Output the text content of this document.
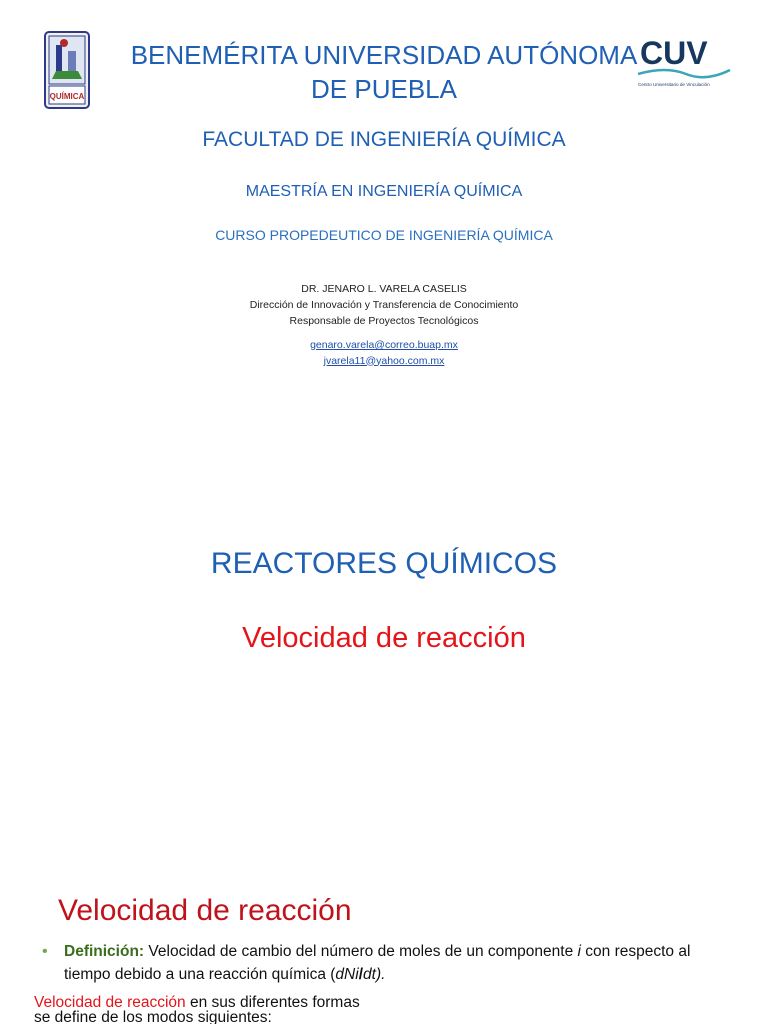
QUÍMICA
BENEMÉRITA UNIVERSIDAD AUTÓNOMA
DE PUEBLA
CUV
Centro Universitario de Vinculación
FACULTAD DE INGENIERÍA QUÍMICA
MAESTRÍA EN INGENIERÍA QUÍMICA
CURSO PROPEDEUTICO DE INGENIERÍA QUÍMICA
DR. JENARO L. VARELA CASELIS
Dirección de Innovación y Transferencia de Conocimiento
Responsable de Proyectos Tecnológicos
genaro.varela@correo.buap.mx
jvarela11@yahoo.com.mx
REACTORES QUÍMICOS
Velocidad de reacción
Velocidad de reacción
•	Definición: Velocidad de cambio del número de moles de un componente i con respecto al tiempo debido a una reacción química (dNi/dt).
Velocidad de reacción en sus diferentes formas
se define de los modos siguientes:
